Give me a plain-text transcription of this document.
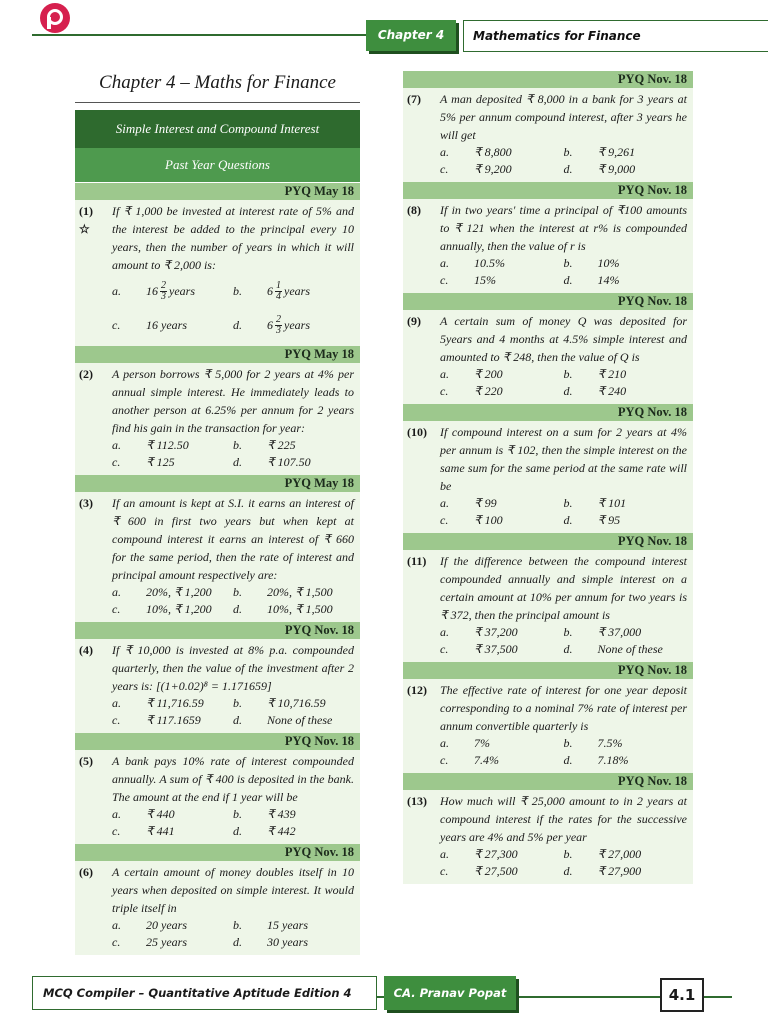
Chapter 4	Mathematics for Finance
Chapter 4 – Maths for Finance
Simple Interest and Compound Interest
Past Year Questions
PYQ May 18
(1)
☆
If ₹ 1,000 be invested at interest rate of 5% and the interest be added to the principal every 10 years, then the number of years in which it will amount to ₹ 2,000 is:
a.	$16 \frac{2}{3}$ years	b.	$6 \frac{1}{4}$ years
c.	16 years	d.	$6 \frac{2}{3}$ years
PYQ May 18
(2)	A person borrows ₹ 5,000 for 2 years at 4% per annual simple interest. He immediately leads to another person at 6.25% per annum for 2 years find his gain in the transaction for year:
a.	₹ 112.50	b.	₹ 225
c.	₹ 125	d.	₹ 107.50
PYQ May 18
(3)	If an amount is kept at S.I. it earns an interest of ₹ 600 in first two years but when kept at compound interest it earns an interest of ₹ 660 for the same period, then the rate of interest and principal amount respectively are:
a.	20%, ₹ 1,200 b.	20%, ₹ 1,500
c.	10%, ₹ 1,200 d.	10%, ₹ 1,500
PYQ Nov. 18
(4)	If ₹ 10,000 is invested at 8% p.a. compounded quarterly, then the value of the investment after 2 years is: [(1+0.02)⁸ = 1.171659]
a.	₹ 11,716.59 b.	₹ 10,716.59
c.	₹ 117.1659	d.	None of these
PYQ Nov. 18
(5)	A bank pays 10% rate of interest compounded annually. A sum of ₹ 400 is deposited in the bank. The amount at the end if 1 year will be
a.	₹ 440	b.	₹ 439
c.	₹ 441	d.	₹ 442
PYQ Nov. 18
(6)	A certain amount of money doubles itself in 10 years when deposited on simple interest. It would triple itself in
a.	20 years	b.	15 years
c.	25 years	d.	30 years
PYQ Nov. 18
(7)	A man deposited ₹ 8,000 in a bank for 3 years at 5% per annum compound interest, after 3 years he will get
a.	₹ 8,800	b.	₹ 9,261
c.	₹ 9,200	d.	₹ 9,000
PYQ Nov. 18
(8)	If in two years' time a principal of ₹100 amounts to ₹ 121 when the interest at r% is compounded annually, then the value of r is
a.	10.5%	b.	10%
c.	15%	d.	14%
PYQ Nov. 18
(9)	A certain sum of money Q was deposited for 5years and 4 months at 4.5% simple interest and amounted to ₹ 248, then the value of Q is
a.	₹ 200	b.	₹ 210
c.	₹ 220	d.	₹ 240
PYQ Nov. 18
(10)	If compound interest on a sum for 2 years at 4% per annum is ₹ 102, then the simple interest on the same sum for the same period at the same rate will be
a.	₹ 99	b.	₹ 101
c.	₹ 100	d.	₹ 95
PYQ Nov. 18
(11)	If the difference between the compound interest compounded annually and simple interest on a certain amount at 10% per annum for two years is ₹ 372, then the principal amount is
a.	₹ 37,200	b.	₹ 37,000
c.	₹ 37,500	d.	None of these
PYQ Nov. 18
(12)	The effective rate of interest for one year deposit corresponding to a nominal 7% rate of interest per annum convertible quarterly is
a.	7%	b.	7.5%
c.	7.4%	d.	7.18%
PYQ Nov. 18
(13)	How much will ₹ 25,000 amount to in 2 years at compound interest if the rates for the successive years are 4% and 5% per year
a.	₹ 27,300	b.	₹ 27,000
c.	₹ 27,500	d.	₹ 27,900
MCQ Compiler – Quantitative Aptitude Edition 4	CA. Pranav Popat	4.1
